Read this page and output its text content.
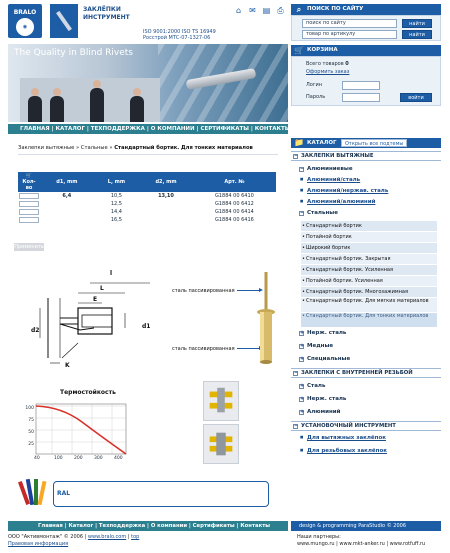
BRALO
◉
ЗАКЛЁПКИ
ИНСТРУМЕНТ
ISO 9001:2000 ISO TS 16949
Росстрой МТС-07-1327-06
⌂ ✉ ▤ ⎙	⌕	ПОИСК ПО САЙТУ
поиск по сайту	найти
товар по артикулу	найти
🛒 КОРЗИНА
Всего товаров 0
Оформить заказ
Логин
Пароль	войти
The Quality in Blind Rivets
ГЛАВНАЯ | КАТАЛОГ | ТЕХПОДДЕРЖКА | О КОМПАНИИ | СЕРТИФИКАТЫ | КОНТАКТЫ
Заклепки вытяжные » Стальные » Стандартный бортик. Для тонких материалов
🛒
Кол-во	d1, mm	L, mm	d2, mm	Арт. №

	6,4	10,5	13,10	G1884 00 6410

		12,5		G1884 00 6412

		14,4		G1884 00 6414

		16,5		G1884 00 6416
Применить
l
L
E
d2
d1
K
сталь пассивированная
сталь пассивированная
Термостойкость
100
75
50
25
40	100	200	300	400
RAL
📁 КАТАЛОГ	Открыть все подтемы
− ЗАКЛЕПКИ ВЫТЯЖНЫЕ
− Алюминиевые
■ Алюминий/сталь
■ Алюминий/нержав. сталь
■ Алюминий/алюминий
− Стальные
• Стандартный бортик
• Потайной бортик
• Широкий бортик
• Стандартный бортик. Закрытая
• Стандартный бортик. Усиленная
• Потайной бортик. Усиленная
• Стандартный бортик. Многозажимная
• Стандартный бортик. Для мягких материалов
• Стандартный бортик. Для тонких материалов
+ Нерж. сталь
+ Медные
+ Специальные
− ЗАКЛЕПКИ С ВНУТРЕННЕЙ РЕЗЬБОЙ
+ Сталь
+ Нерж. сталь
+ Алюминий
− УСТАНОВОЧНЫЙ ИНСТРУМЕНТ
■ Для вытяжных заклёпок
■ Для резьбовых заклёпок
Главная | Каталог | Техподдержка | О компании | Сертификаты | Контакты
ООО "Активмонтаж" © 2006 | www.bralo.com | top
Правовая информация
design & programming ParaStudio © 2006
Наши партнеры:
www.mungo.ru | www.mkt-anker.ru | www.rotfuff.ru
